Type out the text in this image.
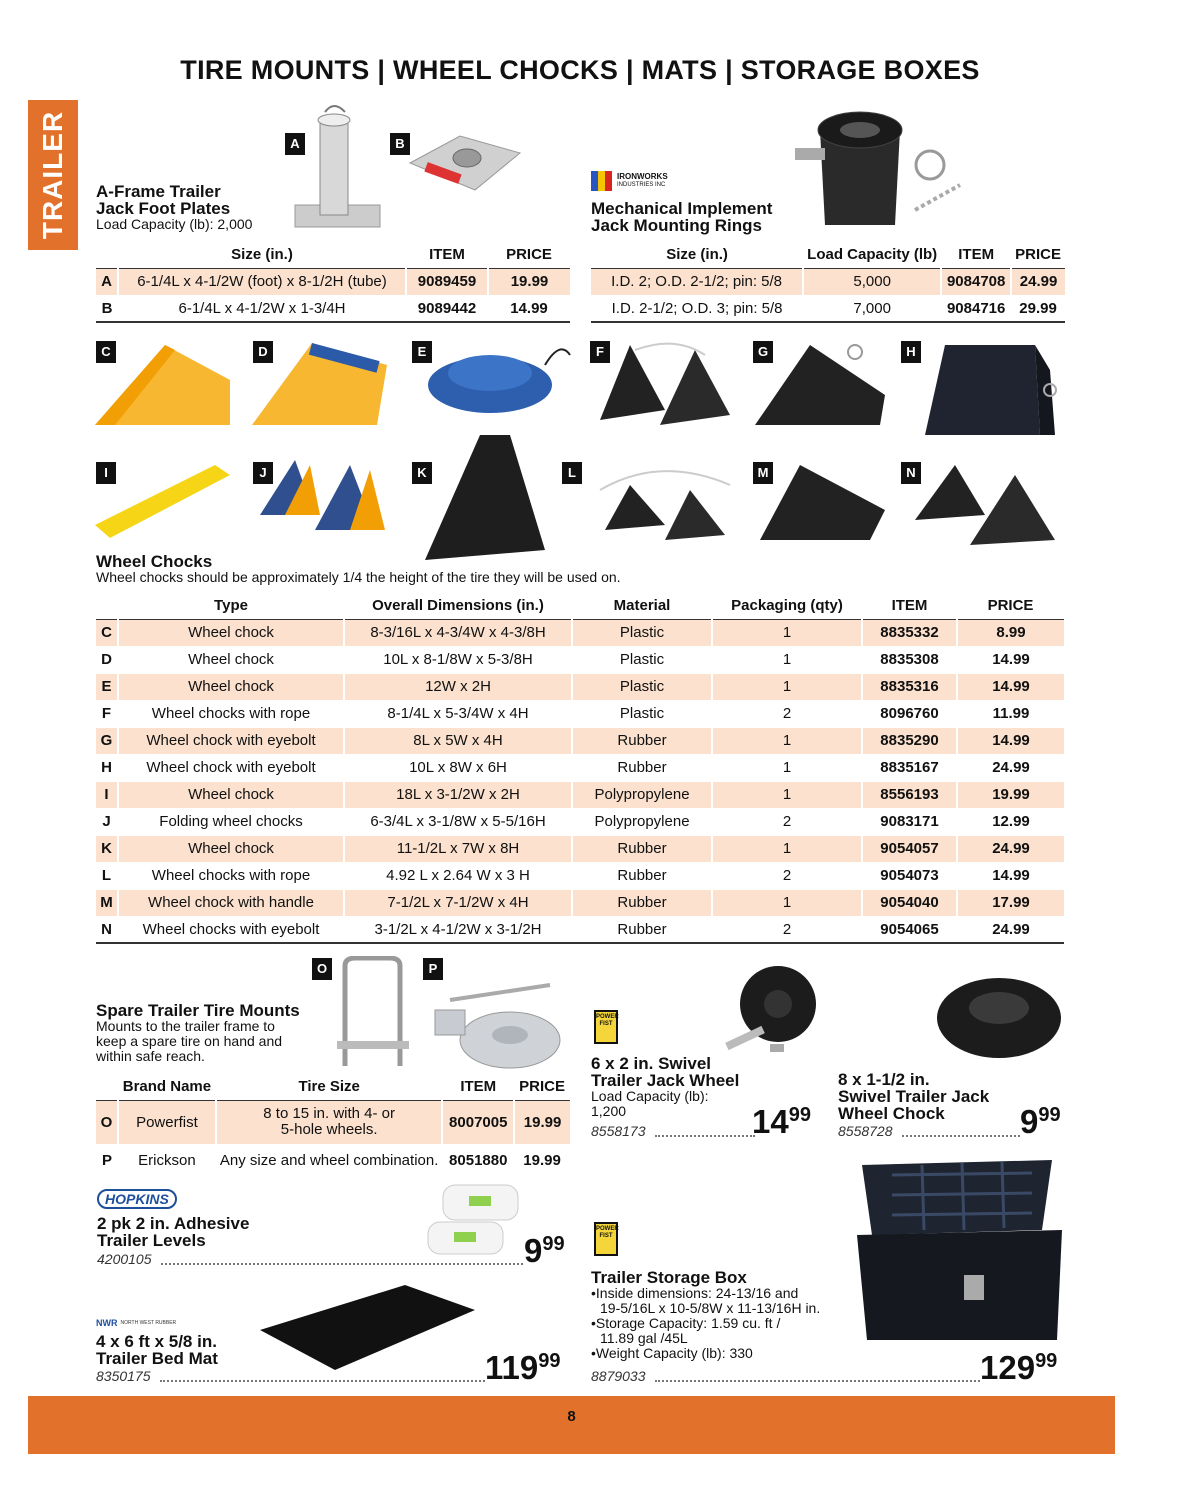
TIRE MOUNTS | WHEEL CHOCKS | MATS | STORAGE BOXES
TRAILER	A	B
A-Frame Trailer
Jack Foot Plates
Load Capacity (lb): 2,000
	Size (in.)	ITEM	PRICE
A	6-1/4L x 4-1/2W (foot) x 8-1/2H (tube)	9089459	19.99
B	6-1/4L x 4-1/2W x 1-3/4H	9089442	14.99
IRONWORKS
INDUSTRIES INC
Mechanical Implement
Jack Mounting Rings
Size (in.)	Load Capacity (lb)	ITEM	PRICE
I.D. 2; O.D. 2-1/2; pin: 5/8	5,000	9084708	24.99
I.D. 2-1/2; O.D. 3; pin: 5/8	7,000	9084716	29.99
C	D	E	F	G	H
I	J	K	L	M	N
Wheel Chocks
Wheel chocks should be approximately 1/4 the height of the tire they will be used on.
	Type	Overall Dimensions (in.)	Material	Packaging (qty)	ITEM	PRICE
C	Wheel chock	8-3/16L x 4-3/4W x 4-3/8H	Plastic	1	8835332	8.99
D	Wheel chock	10L x 8-1/8W x 5-3/8H	Plastic	1	8835308	14.99
E	Wheel chock	12W x 2H	Plastic	1	8835316	14.99
F	Wheel chocks with rope	8-1/4L x 5-3/4W x 4H	Plastic	2	8096760	11.99
G	Wheel chock with eyebolt	8L x 5W x 4H	Rubber	1	8835290	14.99
H	Wheel chock with eyebolt	10L x 8W x 6H	Rubber	1	8835167	24.99
I	Wheel chock	18L x 3-1/2W x 2H	Polypropylene	1	8556193	19.99
J	Folding wheel chocks	6-3/4L x 3-1/8W x 5-5/16H	Polypropylene	2	9083171	12.99
K	Wheel chock	11-1/2L x 7W x 8H	Rubber	1	9054057	24.99
L	Wheel chocks with rope	4.92 L x 2.64 W x 3 H	Rubber	2	9054073	14.99
M	Wheel chock with handle	7-1/2L x 7-1/2W x 4H	Rubber	1	9054040	17.99
N	Wheel chocks with eyebolt	3-1/2L x 4-1/2W x 3-1/2H	Rubber	2	9054065	24.99
O	P
Spare Trailer Tire Mounts
Mounts to the trailer frame to
keep a spare tire on hand and
within safe reach.
	Brand Name	Tire Size	ITEM	PRICE
O	Powerfist	8 to 15 in. with 4- or
5-hole wheels.	8007005	19.99
P	Erickson	Any size and wheel combination.	8051880	19.99
POWER
FIST
6 x 2 in. Swivel
Trailer Jack Wheel
Load Capacity (lb):
1,200
8558173	$14^{99}$
8 x 1-1/2 in.
Swivel Trailer Jack
Wheel Chock
8558728	$9^{99}$
HOPKINS
2 pk 2 in. Adhesive
Trailer Levels
4200105	$9^{99}$
NWR NORTH WEST RUBBER
4 x 6 ft x 5/8 in.
Trailer Bed Mat
8350175	$119^{99}$
POWER
FIST
Trailer Storage Box
•Inside dimensions: 24-13/16 and
19-5/16L x 10-5/8W x 11-13/16H in.
•Storage Capacity: 1.59 cu. ft /
11.89 gal /45L
•Weight Capacity (lb): 330
8879033	$129^{99}$
8
